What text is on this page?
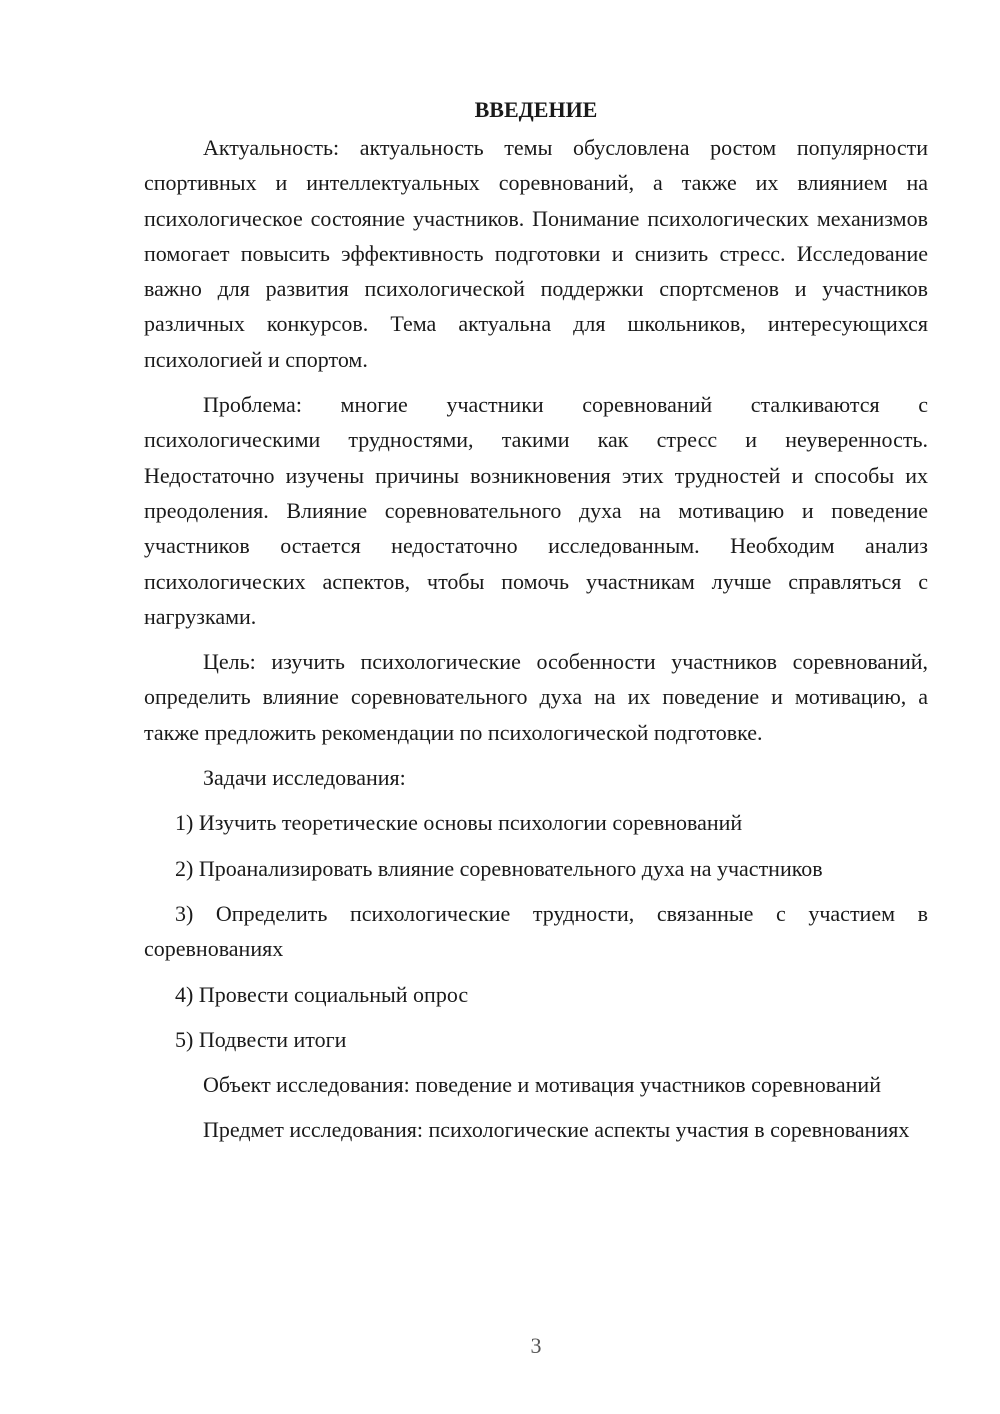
ВВЕДЕНИЕ

Актуальность: актуальность темы обусловлена ростом популярности спортивных и интеллектуальных соревнований, а также их влиянием на психологическое состояние участников. Понимание психологических механизмов помогает повысить эффективность подготовки и снизить стресс. Исследование важно для развития психологической поддержки спортсменов и участников различных конкурсов. Тема актуальна для школьников, интересующихся психологией и спортом.

Проблема: многие участники соревнований сталкиваются с психологическими трудностями, такими как стресс и неуверенность. Недостаточно изучены причины возникновения этих трудностей и способы их преодоления. Влияние соревновательного духа на мотивацию и поведение участников остается недостаточно исследованным. Необходим анализ психологических аспектов, чтобы помочь участникам лучше справляться с нагрузками.

Цель: изучить психологические особенности участников соревнований, определить влияние соревновательного духа на их поведение и мотивацию, а также предложить рекомендации по психологической подготовке.

Задачи исследования:

1) Изучить теоретические основы психологии соревнований

2) Проанализировать влияние соревновательного духа на участников

3) Определить психологические трудности, связанные с участием в соревнованиях

4) Провести социальный опрос

5) Подвести итоги

Объект исследования: поведение и мотивация участников соревнований

Предмет исследования: психологические аспекты участия в соревнованиях

3
